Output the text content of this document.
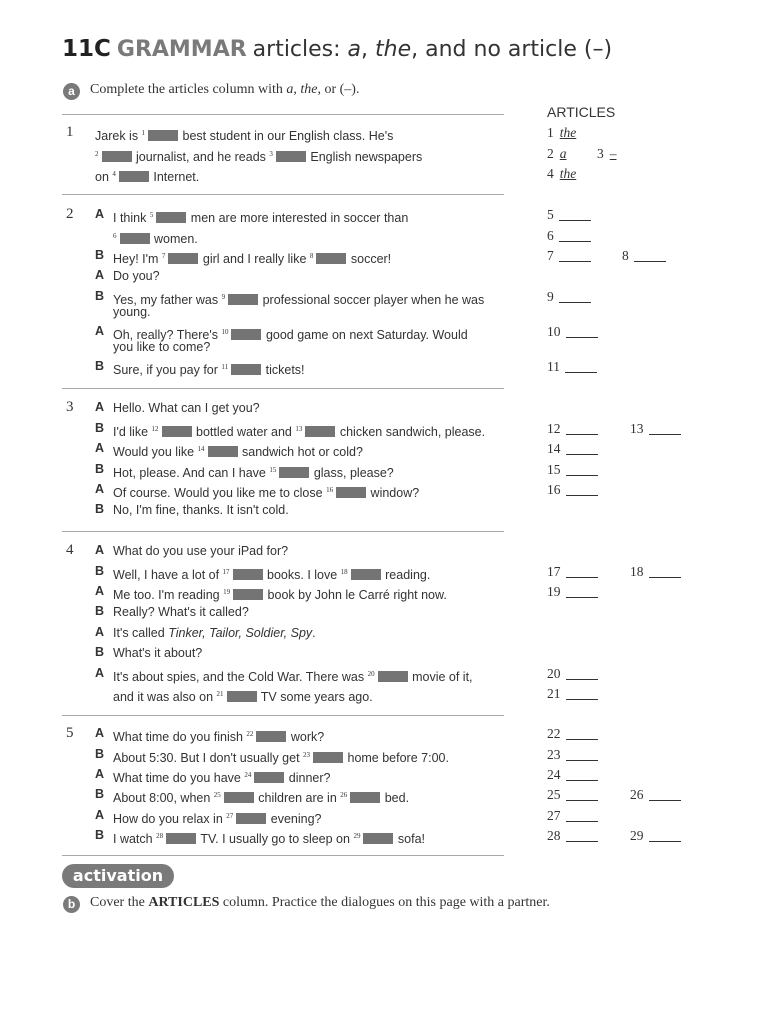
11C GRAMMAR articles: a, the, and no article (–)
a	Complete the articles column with a, the, or (–).
ARTICLES
1 Jarek is $^1$	best student in our English class. He's
$^2$	journalist, and he reads $^3$	English newspapers
on $^4$	Internet.
2 A I think $^5$	men are more interested in soccer than
$^6$	women.
B Hey! I'm $^7$	girl and I really like $^8$	soccer!
A Do you?
B Yes, my father was $^9$	professional soccer player when he was
young.
A Oh, really? There's $^{10}$	good game on next Saturday. Would
you like to come?
B Sure, if you pay for $^{11}$	tickets!
3 A Hello. What can I get you?
B I'd like $^{12}$	bottled water and $^{13}$	chicken sandwich, please.
A Would you like $^{14}$	sandwich hot or cold?
B Hot, please. And can I have $^{15}$	glass, please?
A Of course. Would you like me to close $^{16}$	window?
B No, I'm fine, thanks. It isn't cold.
4 A What do you use your iPad for?
B Well, I have a lot of $^{17}$	books. I love $^{18}$	reading.
A Me too. I'm reading $^{19}$	book by John le Carré right now.
B Really? What's it called?
A It's called Tinker, Tailor, Soldier, Spy.
B What's it about?
A It's about spies, and the Cold War. There was $^{20}$	movie of it,
and it was also on $^{21}$	TV some years ago.
5 A What time do you finish $^{22}$	work?
B About 5:30. But I don't usually get $^{23}$	home before 7:00.
A What time do you have $^{24}$	dinner?
B About 8:00, when $^{25}$	children are in $^{26}$	bed.
A How do you relax in $^{27}$	evening?
B I watch $^{28}$	TV. I usually go to sleep on $^{29}$	sofa!
1 the
2 a 3 –
4 the
5
6
7	8
9
10
11
12	13
14
15
16
17	18
19
20
21
22
23
24
25	26
27
28	29
activation
b	Cover the ARTICLES column. Practice the dialogues on this page with a partner.
